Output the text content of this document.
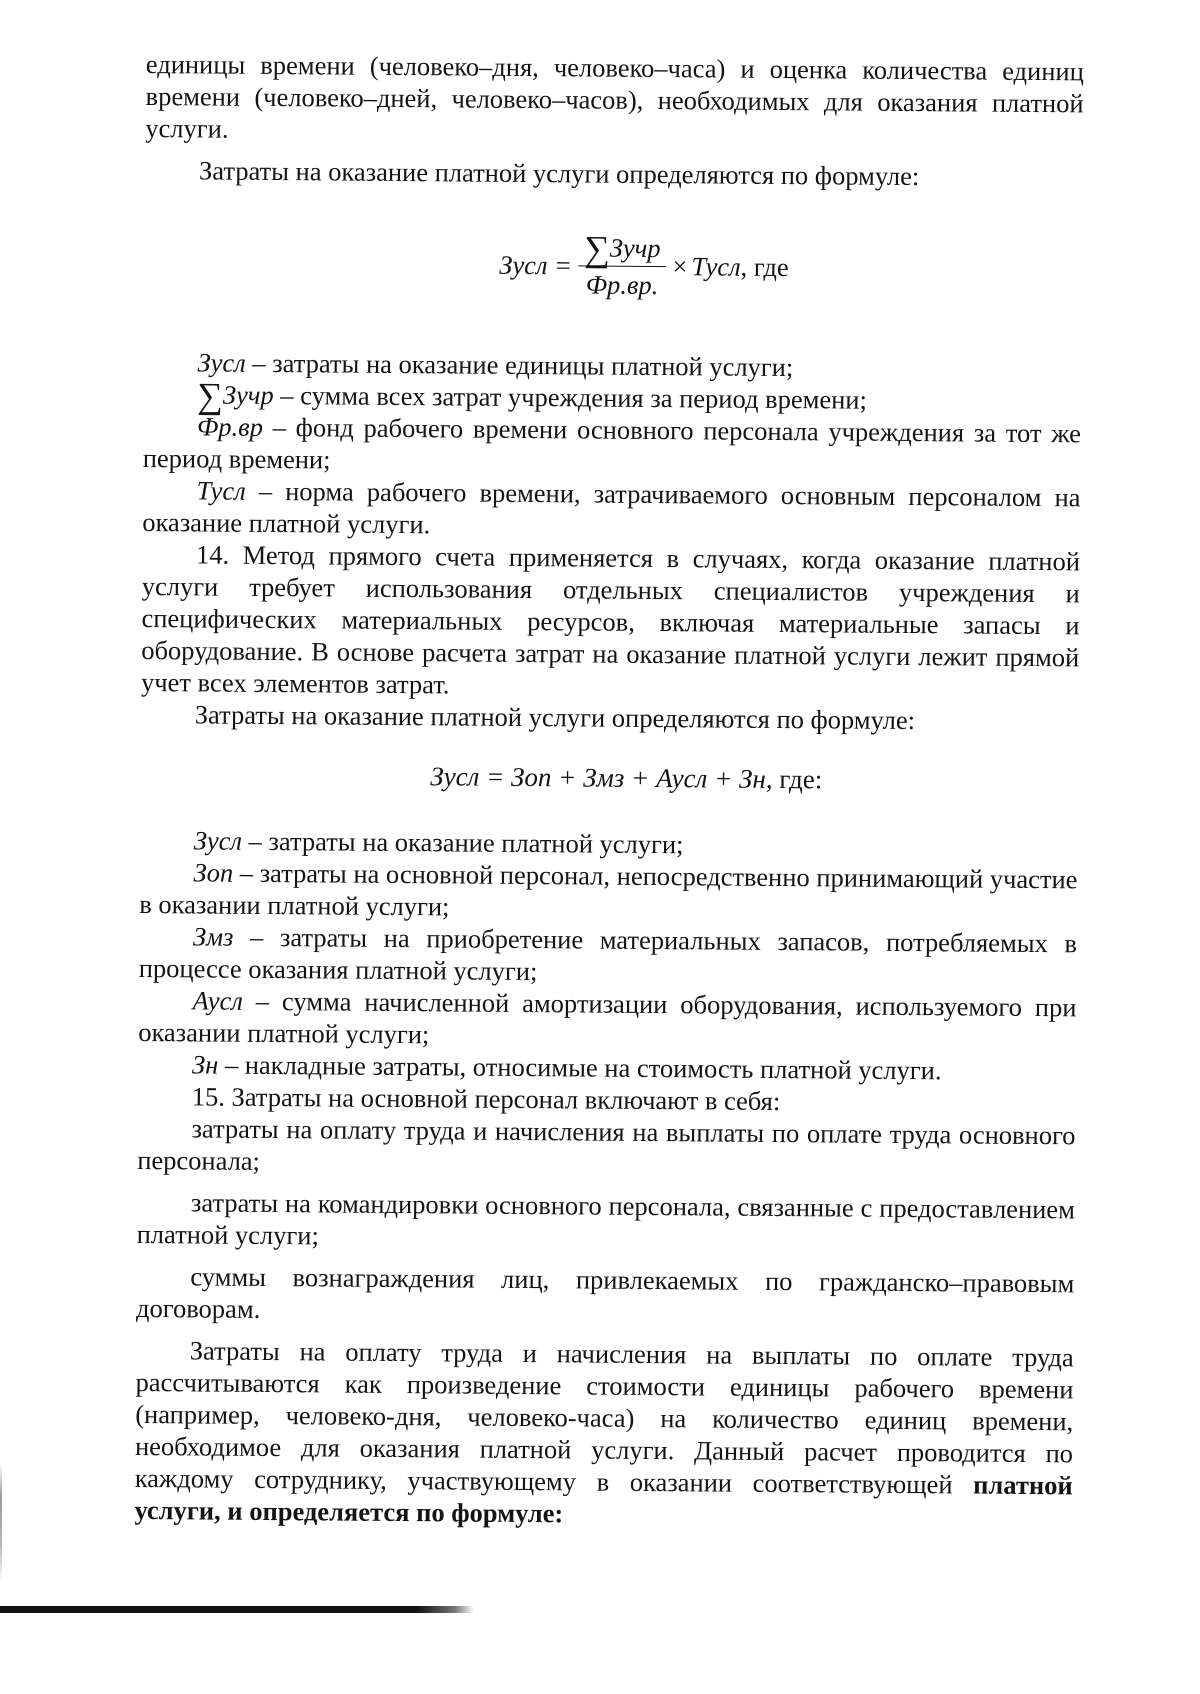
единицы времени (человеко–дня, человеко–часа) и оценка количества единиц времени (человеко–дней, человеко–часов), необходимых для оказания платной услуги.

Затраты на оказание платной услуги определяются по формуле:

Зусл = $\frac{\text{∑Зучр}}{Фр.вр.}$ × Тусл , где

Зусл – затраты на оказание единицы платной услуги;

∑Зучр – сумма всех затрат учреждения за период времени;

Фр.вр – фонд рабочего времени основного персонала учреждения за тот же период времени;

Тусл – норма рабочего времени, затрачиваемого основным персоналом на оказание платной услуги.

14. Метод прямого счета применяется в случаях, когда оказание платной услуги требует использования отдельных специалистов учреждения и специфических материальных ресурсов, включая материальные запасы и оборудование. В основе расчета затрат на оказание платной услуги лежит прямой учет всех элементов затрат.

Затраты на оказание платной услуги определяются по формуле:

Зусл = Зоп + Змз + Аусл + Зн, где:

Зусл – затраты на оказание платной услуги;

Зоп – затраты на основной персонал, непосредственно принимающий участие в оказании платной услуги;

Змз – затраты на приобретение материальных запасов, потребляемых в процессе оказания платной услуги;

Аусл – сумма начисленной амортизации оборудования, используемого при оказании платной услуги;

Зн – накладные затраты, относимые на стоимость платной услуги.

15. Затраты на основной персонал включают в себя:

затраты на оплату труда и начисления на выплаты по оплате труда основного персонала;

затраты на командировки основного персонала, связанные с предоставлением платной услуги;

суммы вознаграждения лиц, привлекаемых по гражданско–правовым договорам.

Затраты на оплату труда и начисления на выплаты по оплате труда рассчитываются как произведение стоимости единицы рабочего времени (например, человеко-дня, человеко-часа) на количество единиц времени, необходимое для оказания платной услуги. Данный расчет проводится по каждому сотруднику, участвующему в оказании соответствующей платной услуги, и определяется по формуле:
